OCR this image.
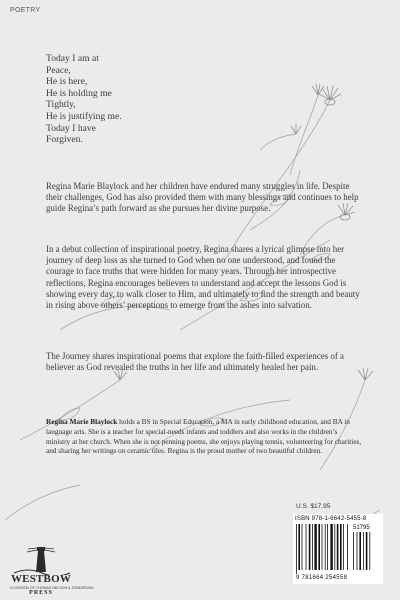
POETRY
Today I am at
Peace,
He is here,
He is holding me
Tightly,
He is justifying me.
Today I have
Forgiven.

Regina Marie Blaylock and her children have endured many struggles in life. Despite their challenges, God has also provided them with many blessings and continues to help guide Regina’s path forward as she pursues her divine purpose.

In a debut collection of inspirational poetry, Regina shares a lyrical glimpse into her journey of deep loss as she turned to God when no one understood, and found the courage to face truths that were hidden for many years. Through her introspective reflections, Regina encourages believers to understand and accept the lessons God is showing every day, to walk closer to Him, and ultimately to find the strength and beauty in rising above others’ perceptions to emerge from the ashes into salvation.

The Journey shares inspirational poems that explore the faith-filled experiences of a believer as God revealed the truths in her life and ultimately healed her pain.

Regina Marie Blaylock holds a BS in Special Education, a MA in early childhood education, and BA in language arts. She is a teacher for special-needs infants and toddlers and also works in the children’s ministry at her church. When she is not penning poems, she enjoys playing tennis, volunteering for charities, and sharing her writings on ceramic tiles. Regina is the proud mother of two beautiful children.

U.S. $17.95
ISBN 978-1-6642-5455-8
51795
9 781664 254558
WESTBOW
PRESS
A DIVISION OF THOMAS NELSON & ZONDERVAN
